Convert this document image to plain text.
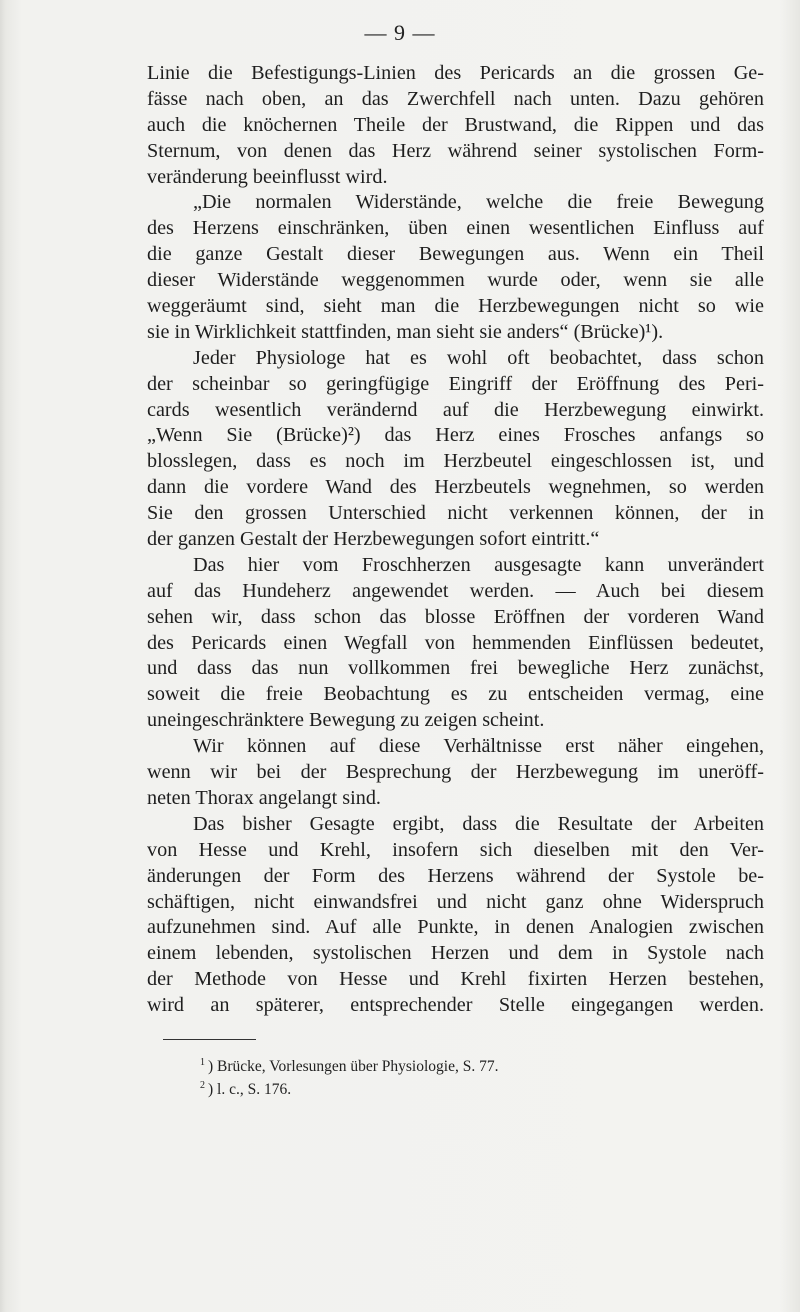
— 9 —
Linie die Befestigungs-Linien des Pericards an die grossen Ge-
fässe nach oben, an das Zwerchfell nach unten. Dazu gehören
auch die knöchernen Theile der Brustwand, die Rippen und das
Sternum, von denen das Herz während seiner systolischen Form-
veränderung beeinflusst wird.
„Die normalen Widerstände, welche die freie Bewegung
des Herzens einschränken, üben einen wesentlichen Einfluss auf
die ganze Gestalt dieser Bewegungen aus. Wenn ein Theil
dieser Widerstände weggenommen wurde oder, wenn sie alle
weggeräumt sind, sieht man die Herzbewegungen nicht so wie
sie in Wirklichkeit stattfinden, man sieht sie anders“ (Brücke)¹).
Jeder Physiologe hat es wohl oft beobachtet, dass schon
der scheinbar so geringfügige Eingriff der Eröffnung des Peri-
cards wesentlich verändernd auf die Herzbewegung einwirkt.
„Wenn Sie (Brücke)²) das Herz eines Frosches anfangs so
blosslegen, dass es noch im Herzbeutel eingeschlossen ist, und
dann die vordere Wand des Herzbeutels wegnehmen, so werden
Sie den grossen Unterschied nicht verkennen können, der in
der ganzen Gestalt der Herzbewegungen sofort eintritt.“
Das hier vom Froschherzen ausgesagte kann unverändert
auf das Hundeherz angewendet werden. — Auch bei diesem
sehen wir, dass schon das blosse Eröffnen der vorderen Wand
des Pericards einen Wegfall von hemmenden Einflüssen bedeutet,
und dass das nun vollkommen frei bewegliche Herz zunächst,
soweit die freie Beobachtung es zu entscheiden vermag, eine
uneingeschränktere Bewegung zu zeigen scheint.
Wir können auf diese Verhältnisse erst näher eingehen,
wenn wir bei der Besprechung der Herzbewegung im uneröff-
neten Thorax angelangt sind.
Das bisher Gesagte ergibt, dass die Resultate der Arbeiten
von Hesse und Krehl, insofern sich dieselben mit den Ver-
änderungen der Form des Herzens während der Systole be-
schäftigen, nicht einwandsfrei und nicht ganz ohne Widerspruch
aufzunehmen sind. Auf alle Punkte, in denen Analogien zwischen
einem lebenden, systolischen Herzen und dem in Systole nach
der Methode von Hesse und Krehl fixirten Herzen bestehen,
wird an späterer, entsprechender Stelle eingegangen werden.
$^1$ ) Brücke, Vorlesungen über Physiologie, S. 77.
$^2$ ) l. c., S. 176.
